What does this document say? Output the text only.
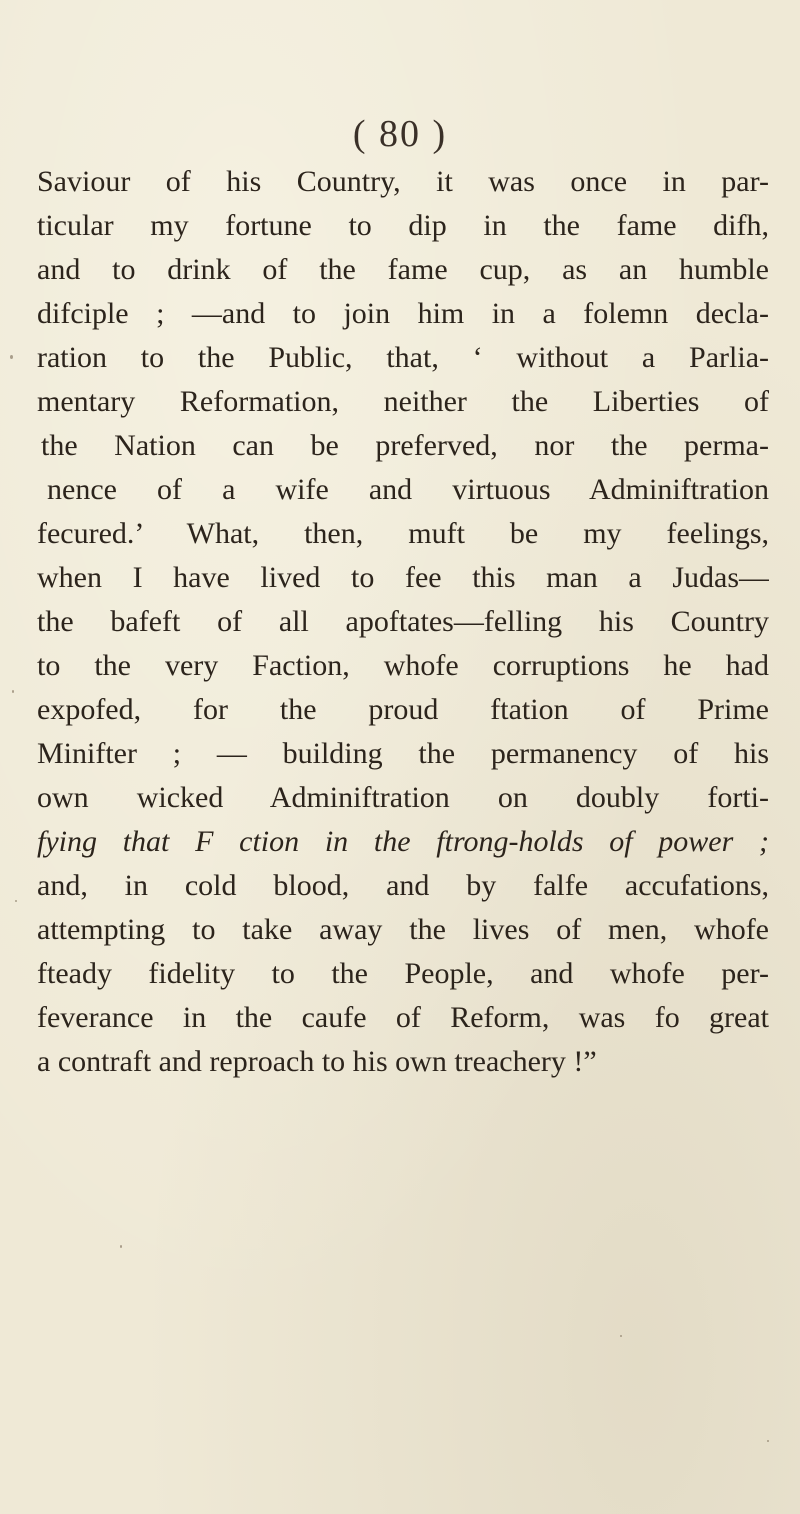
( 80 )
Saviour of his Country, it was once in par-
ticular my fortune to dip in the fame difh,
and to drink of the fame cup, as an humble
difciple ; —and to join him in a folemn decla-
ration to the Public, that, ‘ without a Parlia-
mentary Reformation, neither the Liberties of
the Nation can be preferved, nor the perma-
nence of a wife and virtuous Adminiftration
fecured.’ What, then, muft be my feelings,
when I have lived to fee this man a Judas—
the bafeft of all apoftates—felling his Country
to the very Faction, whofe corruptions he had
expofed, for the proud ftation of Prime
Minifter ; — building the permanency of his
own wicked Adminiftration on doubly forti-
fying that F ction in the ftrong-holds of power ;
and, in cold blood, and by falfe accufations,
attempting to take away the lives of men, whofe
fteady fidelity to the People, and whofe per-
feverance in the caufe of Reform, was fo great
a contraft and reproach to his own treachery !”
